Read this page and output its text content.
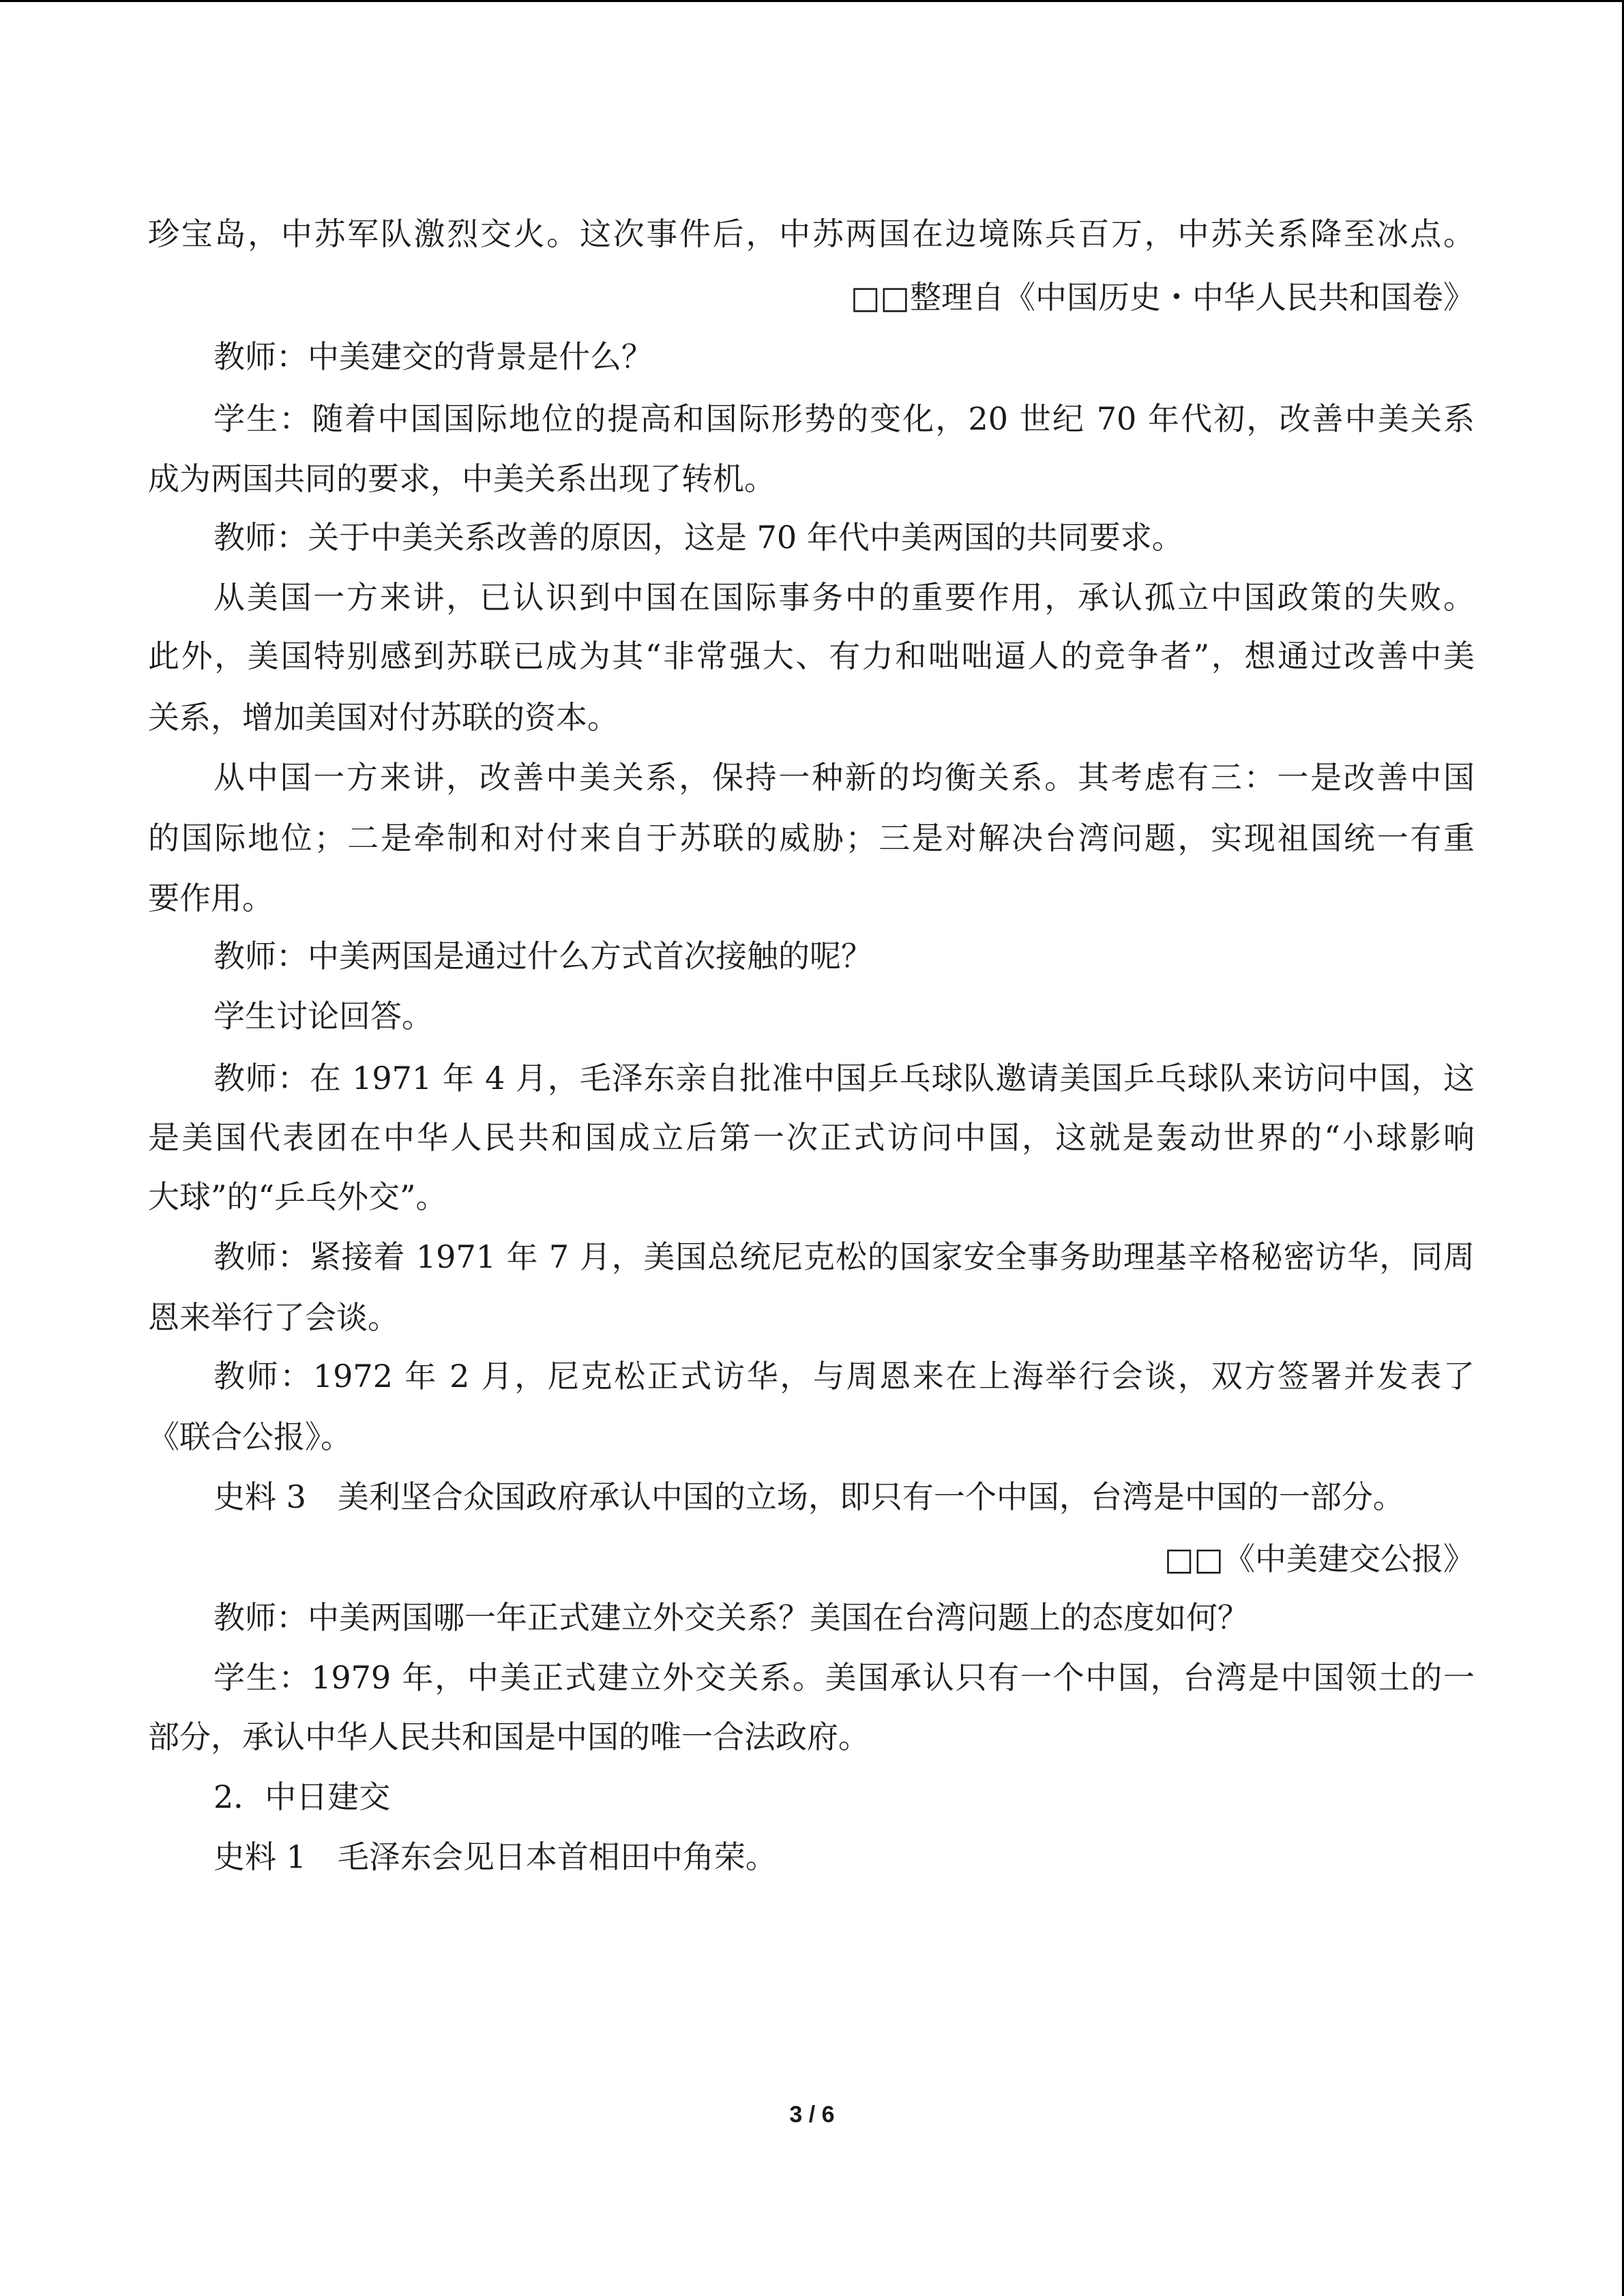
珍宝岛，中苏军队激烈交火。这次事件后，中苏两国在边境陈兵百万，中苏关系降至冰点。
□□整理自《中国历史・中华人民共和国卷》
教师：中美建交的背景是什么？
学生：随着中国国际地位的提高和国际形势的变化，20 世纪 70 年代初，改善中美关系
成为两国共同的要求，中美关系出现了转机。
教师：关于中美关系改善的原因，这是 70 年代中美两国的共同要求。
从美国一方来讲，已认识到中国在国际事务中的重要作用，承认孤立中国政策的失败。
此外，美国特别感到苏联已成为其“非常强大、有力和咄咄逼人的竞争者”，想通过改善中美
关系，增加美国对付苏联的资本。
从中国一方来讲，改善中美关系，保持一种新的均衡关系。其考虑有三：一是改善中国
的国际地位；二是牵制和对付来自于苏联的威胁；三是对解决台湾问题，实现祖国统一有重
要作用。
教师：中美两国是通过什么方式首次接触的呢？
学生讨论回答。
教师：在 1971 年 4 月，毛泽东亲自批准中国乒乓球队邀请美国乒乓球队来访问中国，这
是美国代表团在中华人民共和国成立后第一次正式访问中国，这就是轰动世界的“小球影响
大球”的“乒乓外交”。
教师：紧接着 1971 年 7 月，美国总统尼克松的国家安全事务助理基辛格秘密访华，同周
恩来举行了会谈。
教师：1972 年 2 月，尼克松正式访华，与周恩来在上海举行会谈，双方签署并发表了
《联合公报》。
史料 3　美利坚合众国政府承认中国的立场，即只有一个中国，台湾是中国的一部分。
□□《中美建交公报》
教师：中美两国哪一年正式建立外交关系？美国在台湾问题上的态度如何？
学生：1979 年，中美正式建立外交关系。美国承认只有一个中国，台湾是中国领土的一
部分，承认中华人民共和国是中国的唯一合法政府。
2．中日建交
史料 1　毛泽东会见日本首相田中角荣。
3 / 6
